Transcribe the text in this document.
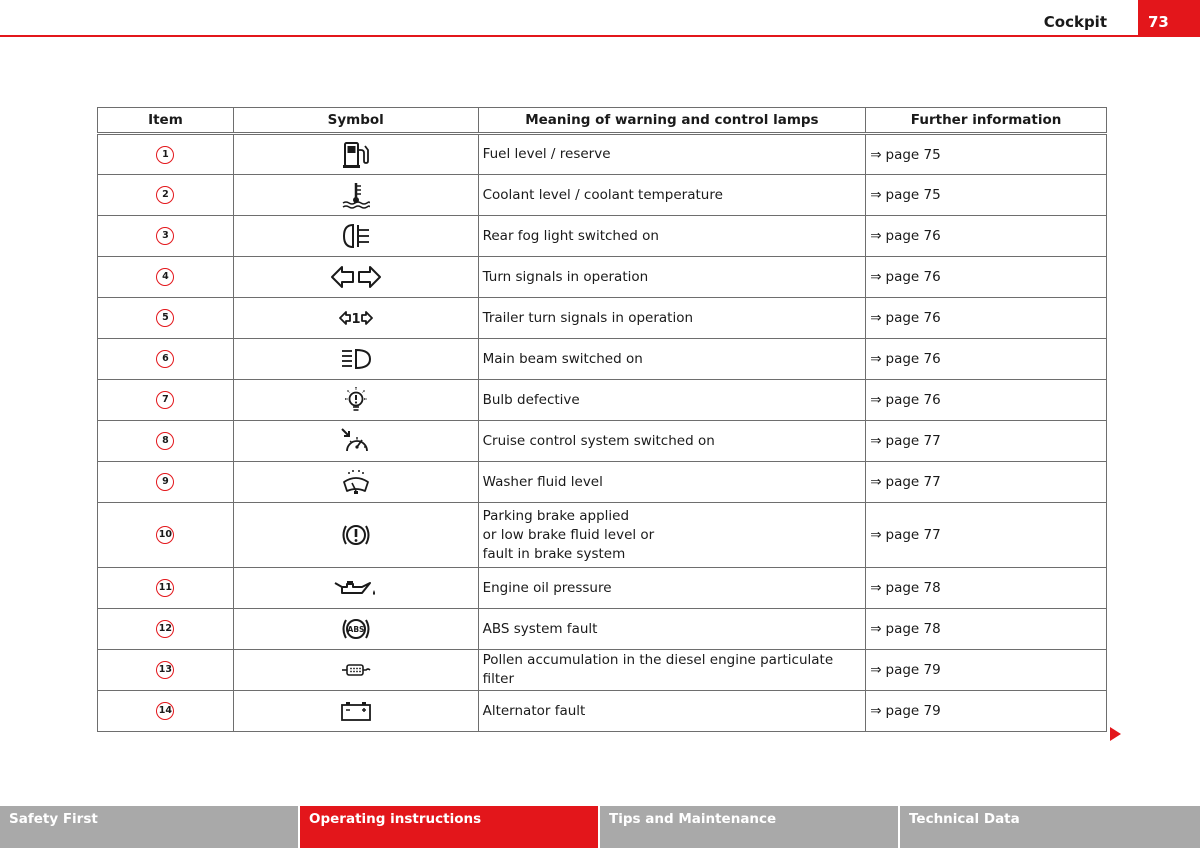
Cockpit	73
Item	Symbol	Meaning of warning and control lamps	Further information
1		Fuel level / reserve	⇒ page 75
2		Coolant level / coolant temperature	⇒ page 75
3		Rear fog light switched on	⇒ page 76
4		Turn signals in operation	⇒ page 76
5	1	Trailer turn signals in operation	⇒ page 76
6		Main beam switched on	⇒ page 76
7		Bulb defective	⇒ page 76
8		Cruise control system switched on	⇒ page 77
9		Washer fluid level	⇒ page 77
10		Parking brake applied
or low brake fluid level or
fault in brake system	⇒ page 77
11		Engine oil pressure	⇒ page 78
12	ABS	ABS system fault	⇒ page 78
13		Pollen accumulation in the diesel engine particulate filter	⇒ page 79
14		Alternator fault	⇒ page 79
Safety First	Operating instructions	Tips and Maintenance	Technical Data
